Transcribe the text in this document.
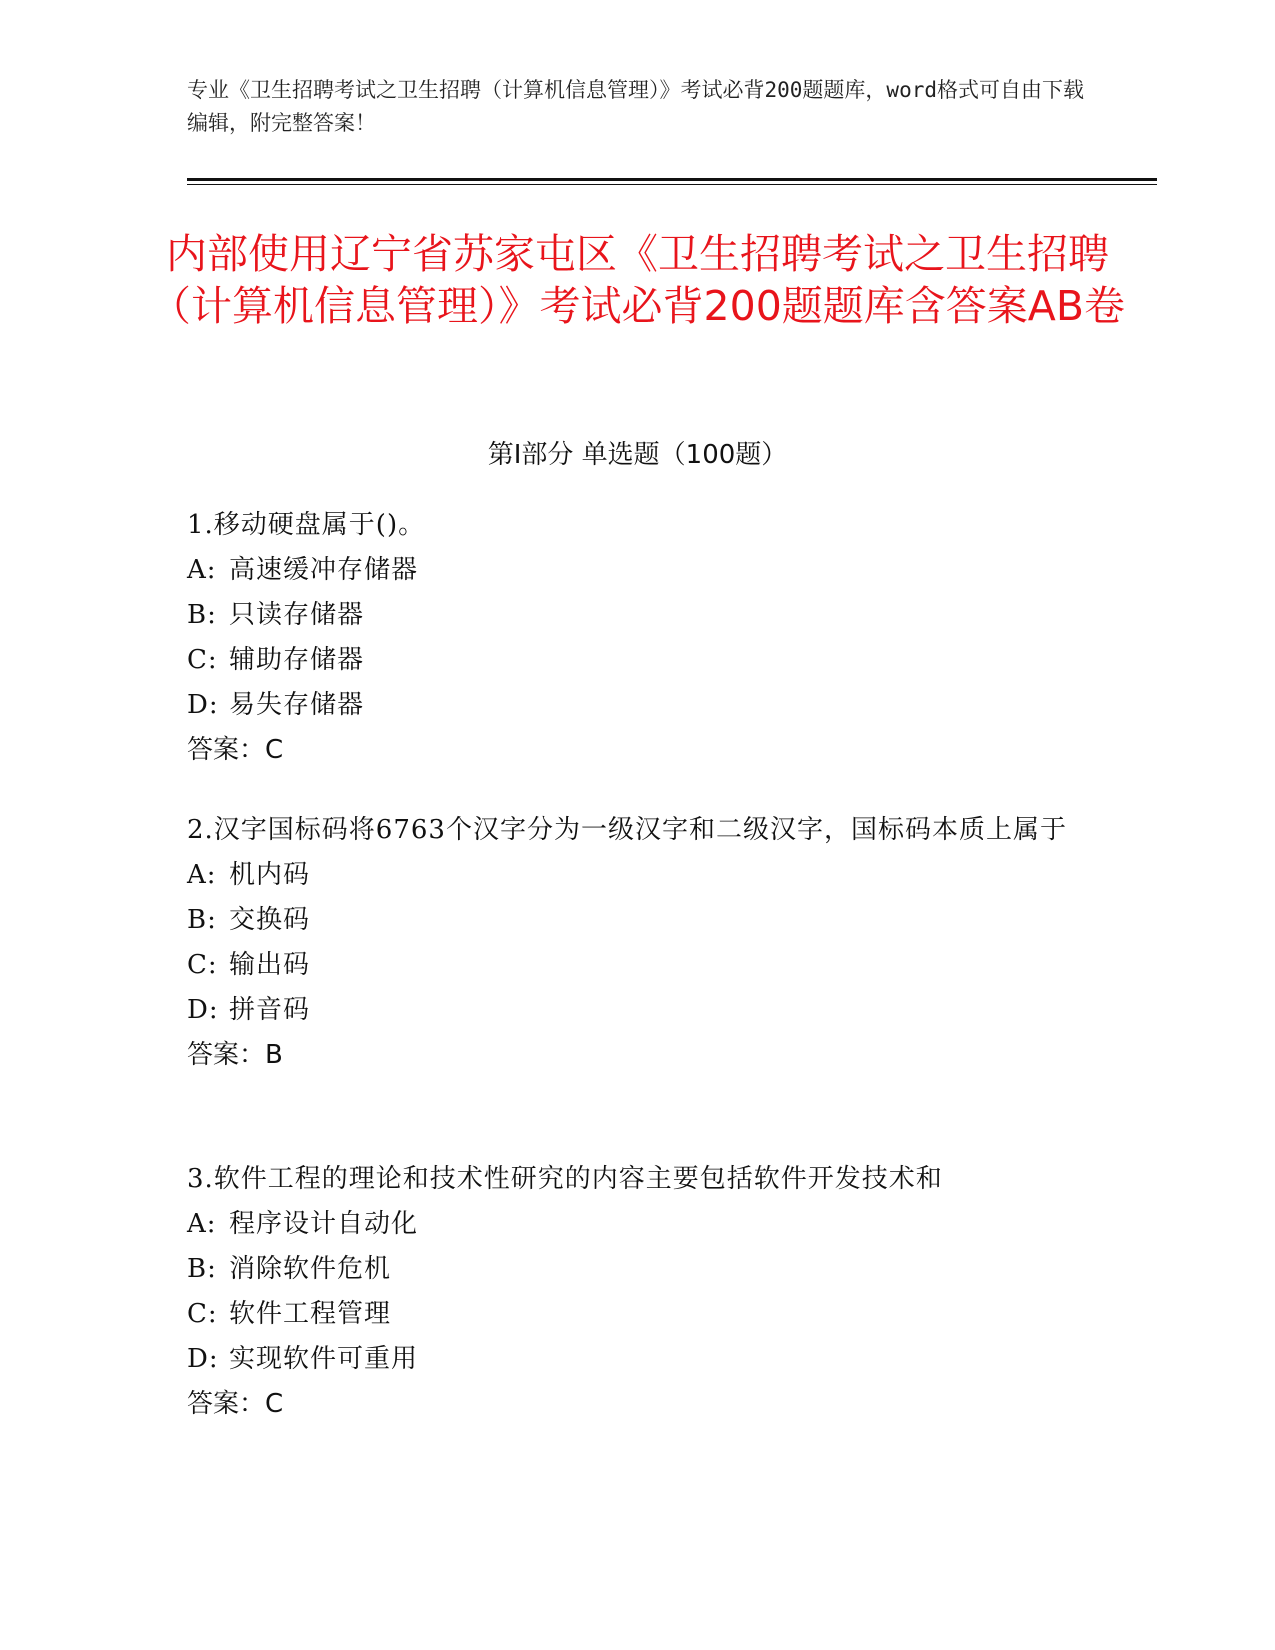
专业《卫生招聘考试之卫生招聘（计算机信息管理）》考试必背200题题库，word格式可自由下载编辑，附完整答案！
内部使用辽宁省苏家屯区《卫生招聘考试之卫生招聘（计算机信息管理）》考试必背200题题库含答案AB卷
第Ⅰ部分 单选题（100题）
1.移动硬盘属于()。
A: 高速缓冲存储器
B: 只读存储器
C: 辅助存储器
D: 易失存储器
答案：C
2.汉字国标码将6763个汉字分为一级汉字和二级汉字，国标码本质上属于
A: 机内码
B: 交换码
C: 输出码
D: 拼音码
答案：B
3.软件工程的理论和技术性研究的内容主要包括软件开发技术和
A: 程序设计自动化
B: 消除软件危机
C: 软件工程管理
D: 实现软件可重用
答案：C
